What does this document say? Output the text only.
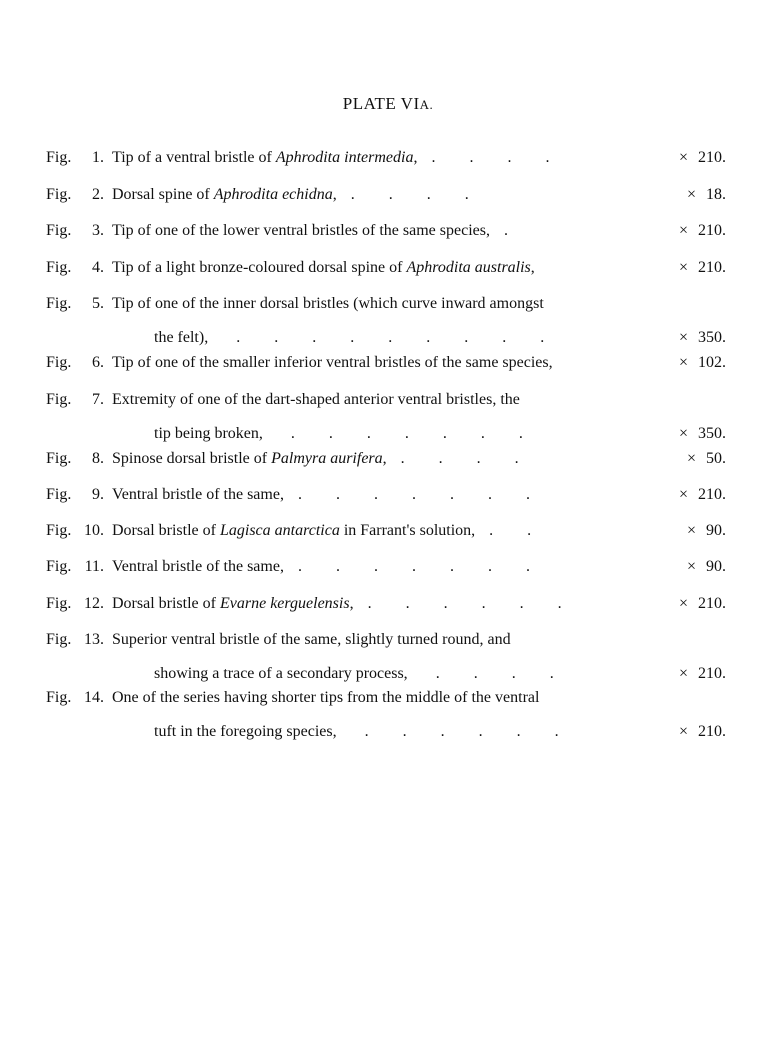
PLATE VIA.
Fig.	1. Tip of a ventral bristle of Aphrodita intermedia, . . . .	× 210.
Fig.	2. Dorsal spine of Aphrodita echidna, . . . .	× 18.
Fig.	3. Tip of one of the lower ventral bristles of the same species, .	× 210.
Fig.	4. Tip of a light bronze-coloured dorsal spine of Aphrodita australis,	× 210.
Fig.	5. Tip of one of the inner dorsal bristles (which curve inward amongst
the felt), . . . . . . . . .	× 350.
Fig.	6. Tip of one of the smaller inferior ventral bristles of the same species,	× 102.
Fig.	7. Extremity of one of the dart-shaped anterior ventral bristles, the
tip being broken, . . . . . . .	× 350.
Fig.	8. Spinose dorsal bristle of Palmyra aurifera, . . . .	× 50.
Fig.	9. Ventral bristle of the same, . . . . . . .	× 210.
Fig. 10. Dorsal bristle of Lagisca antarctica in Farrant's solution, . .	× 90.
Fig. 11. Ventral bristle of the same, . . . . . . .	× 90.
Fig. 12. Dorsal bristle of Evarne kerguelensis, . . . . . .	× 210.
Fig. 13. Superior ventral bristle of the same, slightly turned round, and
showing a trace of a secondary process, . . . .	× 210.
Fig. 14. One of the series having shorter tips from the middle of the ventral
tuft in the foregoing species, . . . . . .	× 210.
